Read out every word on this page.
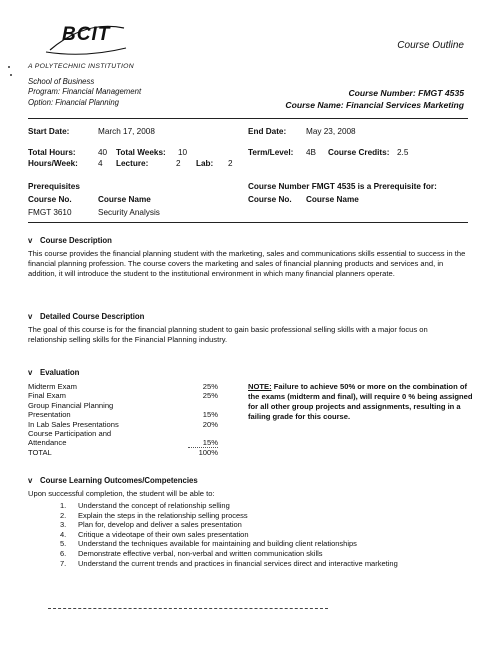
BCIT
A POLYTECHNIC INSTITUTION
Course Outline
School of Business
Program: Financial Management
Option: Financial Planning
Course Number: FMGT 4535
Course Name: Financial Services Marketing
Start Date:	March 17, 2008	End Date: May 23, 2008
Total Hours:	40 Total Weeks: 10	Term/Level: 4B Course Credits: 2.5
Hours/Week: 4 Lecture:	2 Lab: 2
Prerequisites	Course Number FMGT 4535 is a Prerequisite for:
Course No.	Course Name	Course No. Course Name
FMGT 3610	Security Analysis
v Course Description
This course provides the financial planning student with the marketing, sales and communications skills essential to success in the financial planning profession. The course covers the marketing and sales of financial planning products and services and, in addition, it will introduce the student to the institutional environment in which many financial planners operate.
v Detailed Course Description
The goal of this course is for the financial planning student to gain basic professional selling skills with a major focus on relationship selling skills for the Financial Planning industry.
v Evaluation
Midterm Exam	25%
Final Exam	25%
Group Financial Planning
Presentation	15%
In Lab Sales Presentations	20%
Course Participation and
Attendance	15%
TOTAL	100%
NOTE: Failure to achieve 50% or more on the combination of the exams (midterm and final), will require 0 % being assigned for all other group projects and assignments, resulting in a failing grade for this course.
v Course Learning Outcomes/Competencies
Upon successful completion, the student will be able to:
1.	Understand the concept of relationship selling
2.	Explain the steps in the relationship selling process
3.	Plan for, develop and deliver a sales presentation
4.	Critique a videotape of their own sales presentation
5.	Understand the techniques available for maintaining and building client relationships
6.	Demonstrate effective verbal, non-verbal and written communication skills
7.	Understand the current trends and practices in financial services direct and interactive marketing
